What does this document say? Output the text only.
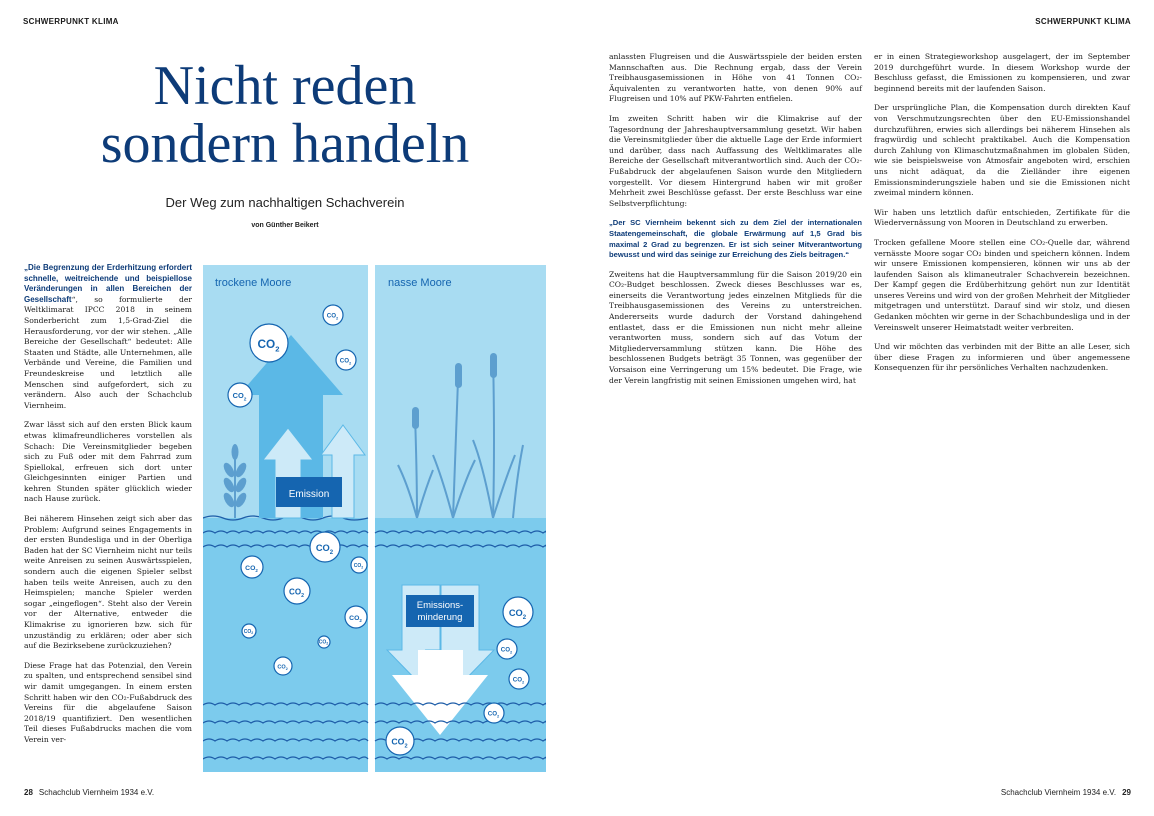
SCHWERPUNKT KLIMA
Nicht reden
sondern handeln
Der Weg zum nachhaltigen Schachverein
von Günther Beikert

„Die Begrenzung der Erderhitzung erfordert schnelle, weitreichende und beispiellose Veränderungen in allen Bereichen der Gesellschaft“, so formulierte der Weltklimarat IPCC 2018 in seinem Sonderbericht zum 1,5-Grad-Ziel die Herausforderung, vor der wir stehen. „Alle Bereiche der Gesellschaft“ bedeutet: Alle Staaten und Städte, alle Unternehmen, alle Verbände und Vereine, die Familien und Freundeskreise und letztlich alle Menschen sind aufgefordert, sich zu verändern. Also auch der Schachclub Viernheim.

Zwar lässt sich auf den ersten Blick kaum etwas klimafreundlicheres vorstellen als Schach: Die Vereinsmitglieder begeben sich zu Fuß oder mit dem Fahrrad zum Spiellokal, erfreuen sich dort unter Gleichgesinnten einiger Partien und kehren Stunden später glücklich wieder nach Hause zurück.

Bei näherem Hinsehen zeigt sich aber das Problem: Aufgrund seines Engagements in der ersten Bundesliga und in der Oberliga Baden hat der SC Viernheim nicht nur teils weite Anreisen zu seinen Auswärtsspielen, sondern auch die eigenen Spieler selbst haben teils weite Anreisen, auch zu den Heimspielen; manche Spieler werden sogar „eingeflogen“. Steht also der Verein vor der Alternative, entweder die Klimakrise zu ignorieren bzw. sich für unzuständig zu erklären; oder aber sich auf die Bezirksebene zurückzuziehen?

Diese Frage hat das Potenzial, den Verein zu spalten, und entsprechend sensibel sind wir damit umgegangen. In einem ersten Schritt haben wir den CO₂-Fußabdruck des Vereins für die abgelaufene Saison 2018/19 quantifiziert. Den wesentlichen Teil dieses Fußabdrucks machen die vom Verein ver-

trockene Moore
Emission
nasse Moore
Emissions-
minderung
$CO_2$
$CO_2$
$CO_2$
$CO_2$
$CO_2$
$CO_2$
$CO_2$
$CO_2$
$CO_2$
$CO_2$
$CO_2$
$CO_2$
$CO_2$
$CO_2$
$CO_2$
$CO_2$
$CO_2$
28 Schachclub Viernheim 1934 e.V.
SCHWERPUNKT KLIMA

anlassten Flugreisen und die Auswärtsspiele der beiden ersten Mannschaften aus. Die Rechnung ergab, dass der Verein Treibhausgasemissionen in Höhe von 41 Tonnen CO₂-Äquivalenten zu verantworten hatte, von denen 90% auf Flugreisen und 10% auf PKW-Fahrten entfielen.

Im zweiten Schritt haben wir die Klimakrise auf der Tagesordnung der Jahreshauptversammlung gesetzt. Wir haben die Vereinsmitglieder über die aktuelle Lage der Erde informiert und darüber, dass nach Auffassung des Weltklimarates alle Bereiche der Gesellschaft mitverantwortlich sind. Auch der CO₂-Fußabdruck der abgelaufenen Saison wurde den Mitgliedern vorgestellt. Vor diesem Hintergrund haben wir mit großer Mehrheit zwei Beschlüsse gefasst. Der erste Beschluss war eine Selbstverpflichtung:

„Der SC Viernheim bekennt sich zu dem Ziel der internationalen Staatengemeinschaft, die globale Erwärmung auf 1,5 Grad bis maximal 2 Grad zu begrenzen. Er ist sich seiner Mitverantwortung bewusst und wird das seinige zur Erreichung des Ziels beitragen.“

Zweitens hat die Hauptversammlung für die Saison 2019/20 ein CO₂-Budget beschlossen. Zweck dieses Beschlusses war es, einerseits die Verantwortung jedes einzelnen Mitglieds für die Treibhausgasemissionen des Vereins zu unterstreichen. Andererseits wurde dadurch der Vorstand dahingehend entlastet, dass er die Emissionen nun nicht mehr alleine verantworten muss, sondern sich auf das Votum der Mitgliederversammlung stützen kann. Die Höhe des beschlossenen Budgets beträgt 35 Tonnen, was gegenüber der Vorsaison eine Verringerung um 15% bedeutet. Die Frage, wie der Verein langfristig mit seinen Emissionen umgehen wird, hat

er in einen Strategieworkshop ausgelagert, der im September 2019 durchgeführt wurde. In diesem Workshop wurde der Beschluss gefasst, die Emissionen zu kompensieren, und zwar beginnend bereits mit der laufenden Saison.

Der ursprüngliche Plan, die Kompensation durch direkten Kauf von Verschmutzungsrechten über den EU-Emissionshandel durchzuführen, erwies sich allerdings bei näherem Hinsehen als fragwürdig und schlecht praktikabel. Auch die Kompensation durch Zahlung von Klimaschutzmaßnahmen im globalen Süden, wie sie beispielsweise von Atmosfair angeboten wird, erschien uns nicht adäquat, da die Zielländer ihre eigenen Emissionsminderungsziele haben und sie die Emissionen nicht zweimal mindern können.

Wir haben uns letztlich dafür entschieden, Zertifikate für die Wiedervernässung von Mooren in Deutschland zu erwerben.

Trocken gefallene Moore stellen eine CO₂-Quelle dar, während vernässte Moore sogar CO₂ binden und speichern können. Indem wir unsere Emissionen kompensieren, können wir uns ab der laufenden Saison als klimaneutraler Schachverein bezeichnen. Der Kampf gegen die Erdüberhitzung gehört nun zur Identität unseres Vereins und wird von der großen Mehrheit der Mitglieder mitgetragen und unterstützt. Darauf sind wir stolz, und diesen Gedanken möchten wir gerne in der Schachbundesliga und in der Vereinswelt unserer Heimatstadt weiter verbreiten.

Und wir möchten das verbinden mit der Bitte an alle Leser, sich über diese Fragen zu informieren und über angemessene Konsequenzen für ihr persönliches Verhalten nachzudenken.

Schachclub Viernheim 1934 e.V. 29
